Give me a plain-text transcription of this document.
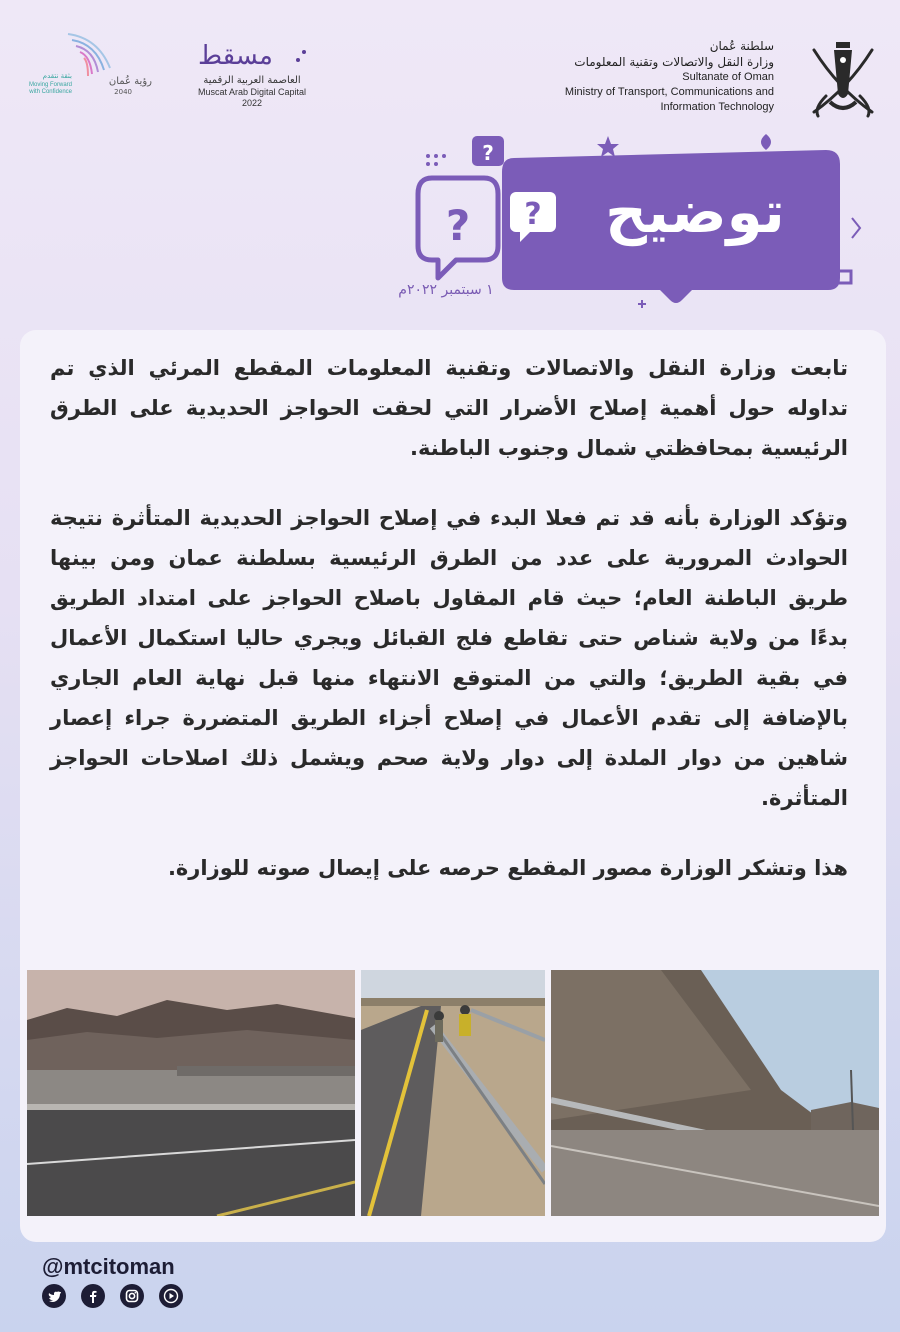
سلطنة عُمان
وزارة النقل والاتصالات وتقنية المعلومات
Sultanate of Oman
Ministry of Transport, Communications and
Information Technology
مسقط
العاصمة العربية الرقمية
Muscat Arab Digital Capital
2022
رؤية عُمان
2040
بثقة نتقدم
Moving Forward
with Confidence
?
?
?	توضيح
١ سبتمبر ٢٠٢٢م

تابعت وزارة النقل والاتصالات وتقنية المعلومات المقطع المرئي الذي تم تداوله حول أهمية إصلاح الأضرار التي لحقت الحواجز الحديدية على الطرق الرئيسية بمحافظتي شمال وجنوب الباطنة.

وتؤكد الوزارة بأنه قد تم فعلا البدء في إصلاح الحواجز الحديدية المتأثرة نتيجة الحوادث المرورية على عدد من الطرق الرئيسية بسلطنة عمان ومن بينها طريق الباطنة العام؛ حيث قام المقاول باصلاح الحواجز على امتداد الطريق بدءًا من ولاية شناص حتى تقاطع فلج القبائل ويجري حاليا استكمال الأعمال في بقية الطريق؛ والتي من المتوقع الانتهاء منها قبل نهاية العام الجاري بالإضافة إلى تقدم الأعمال في إصلاح أجزاء الطريق المتضررة جراء إعصار شاهين من دوار الملدة إلى دوار ولاية صحم ويشمل ذلك اصلاحات الحواجز المتأثرة.

هذا وتشكر الوزارة مصور المقطع حرصه على إيصال صوته للوزارة.

@mtcitoman
